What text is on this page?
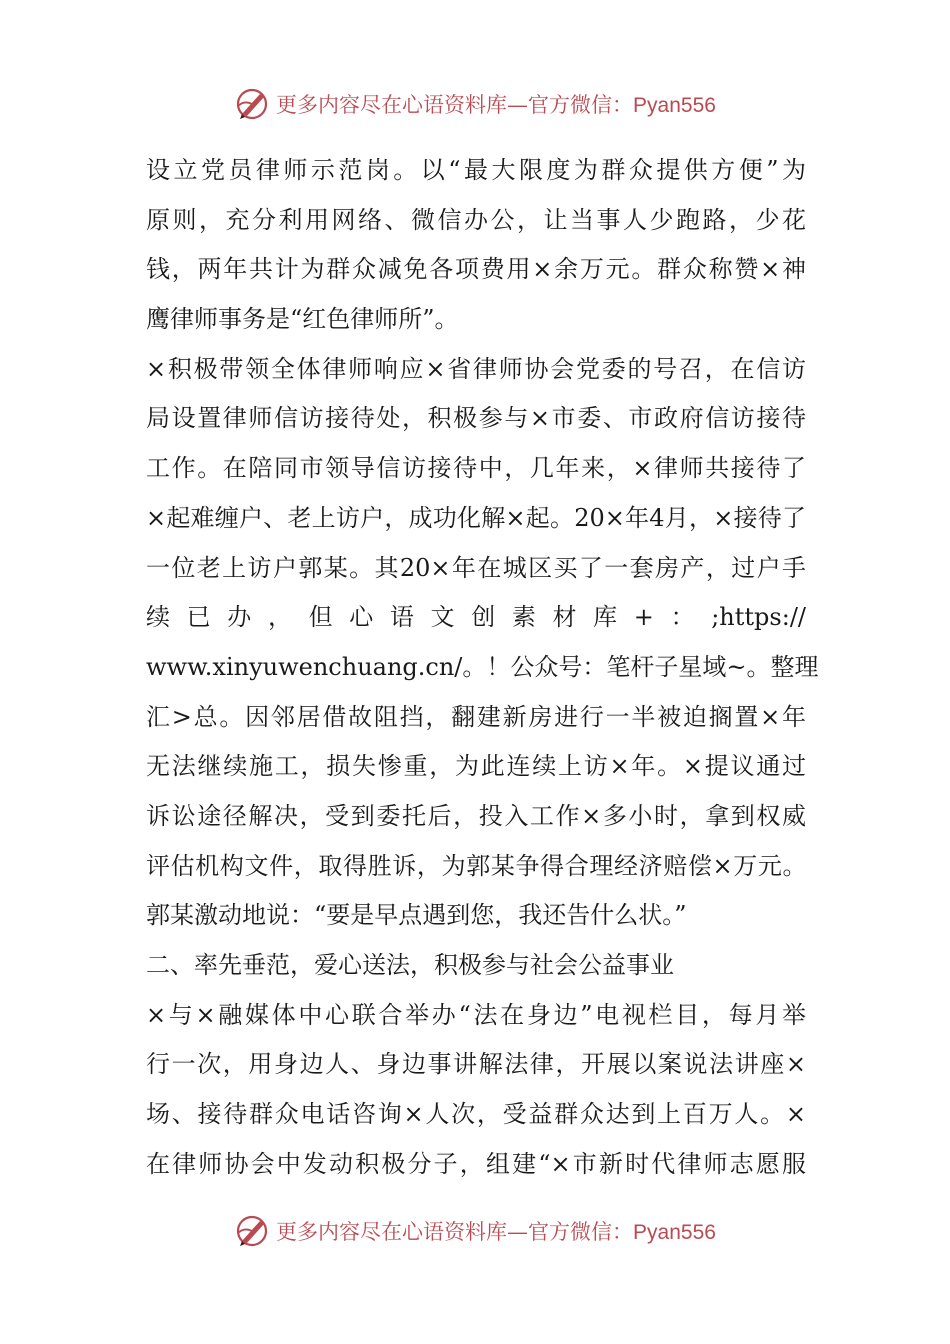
更多内容尽在心语资料库—官方微信：Pyan556
设立党员律师示范岗。以“最大限度为群众提供方便”为
原则，充分利用网络、微信办公，让当事人少跑路，少花
钱，两年共计为群众减免各项费用×余万元。群众称赞×神
鹰律师事务是“红色律师所”。
×积极带领全体律师响应×省律师协会党委的号召，在信访
局设置律师信访接待处，积极参与×市委、市政府信访接待
工作。在陪同市领导信访接待中，几年来，×律师共接待了
×起难缠户、老上访户，成功化解×起。20×年4月，×接待了
一位老上访户郭某。其20×年在城区买了一套房产，过户手
续已办，但心语文创素材库+：;https://
www.xinyuwenchuang.cn/。！公众号：笔杆子星域~。整理
汇>总。因邻居借故阻挡，翻建新房进行一半被迫搁置×年
无法继续施工，损失惨重，为此连续上访×年。×提议通过
诉讼途径解决，受到委托后，投入工作×多小时，拿到权威
评估机构文件，取得胜诉，为郭某争得合理经济赔偿×万元。
郭某激动地说：“要是早点遇到您，我还告什么状。”
二、率先垂范，爱心送法，积极参与社会公益事业
×与×融媒体中心联合举办“法在身边”电视栏目，每月举
行一次，用身边人、身边事讲解法律，开展以案说法讲座×
场、接待群众电话咨询×人次，受益群众达到上百万人。×
在律师协会中发动积极分子，组建“×市新时代律师志愿服
更多内容尽在心语资料库—官方微信：Pyan556
